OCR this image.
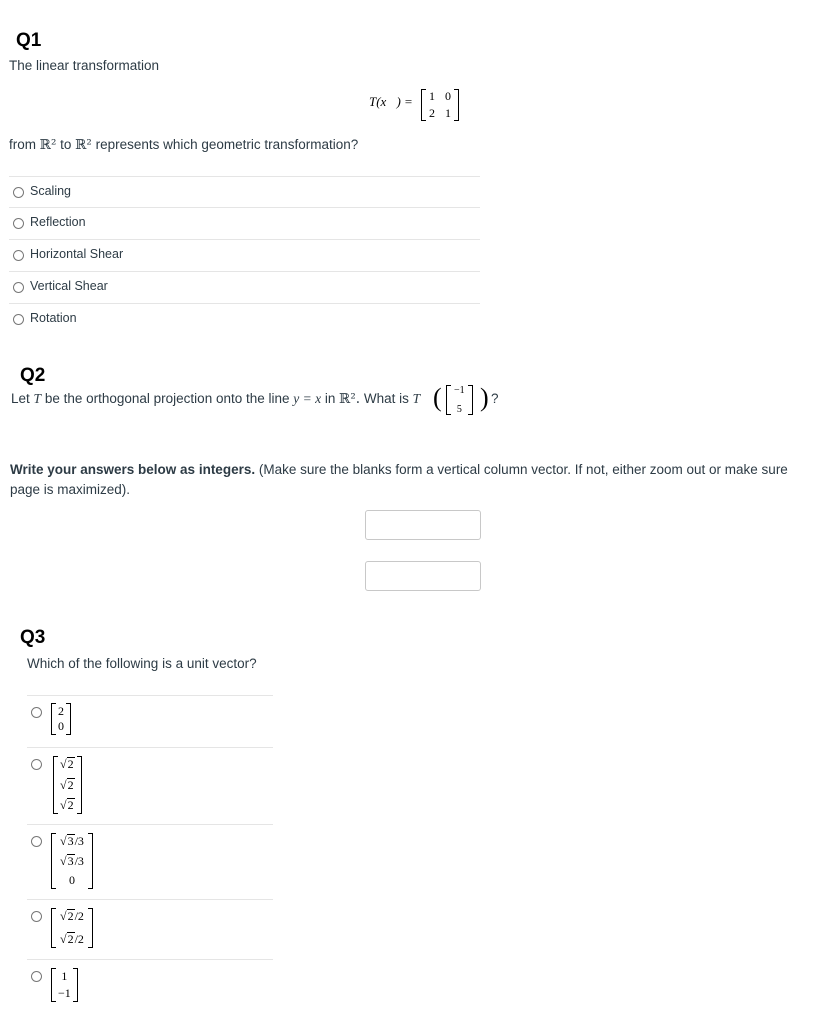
Q1
The linear transformation
T(x⃗) = 1 0
2 1
from ℝ² to ℝ² represents which geometric transformation?
Scaling
Reflection
Horizontal Shear
Vertical Shear
Rotation
Q2
Let T be the orthogonal projection onto the line y = x in ℝ². What is T ( −1
5 ) ?
Write your answers below as integers. (Make sure the blanks form a vertical column vector. If not, either zoom out or make sure page is maximized).
Q3
Which of the following is a unit vector?
2
0
√ 2
√ 2
√ 2
√ 3 /3
√ 3 /3
0
√ 2 /2
√ 2 /2
1
−1
